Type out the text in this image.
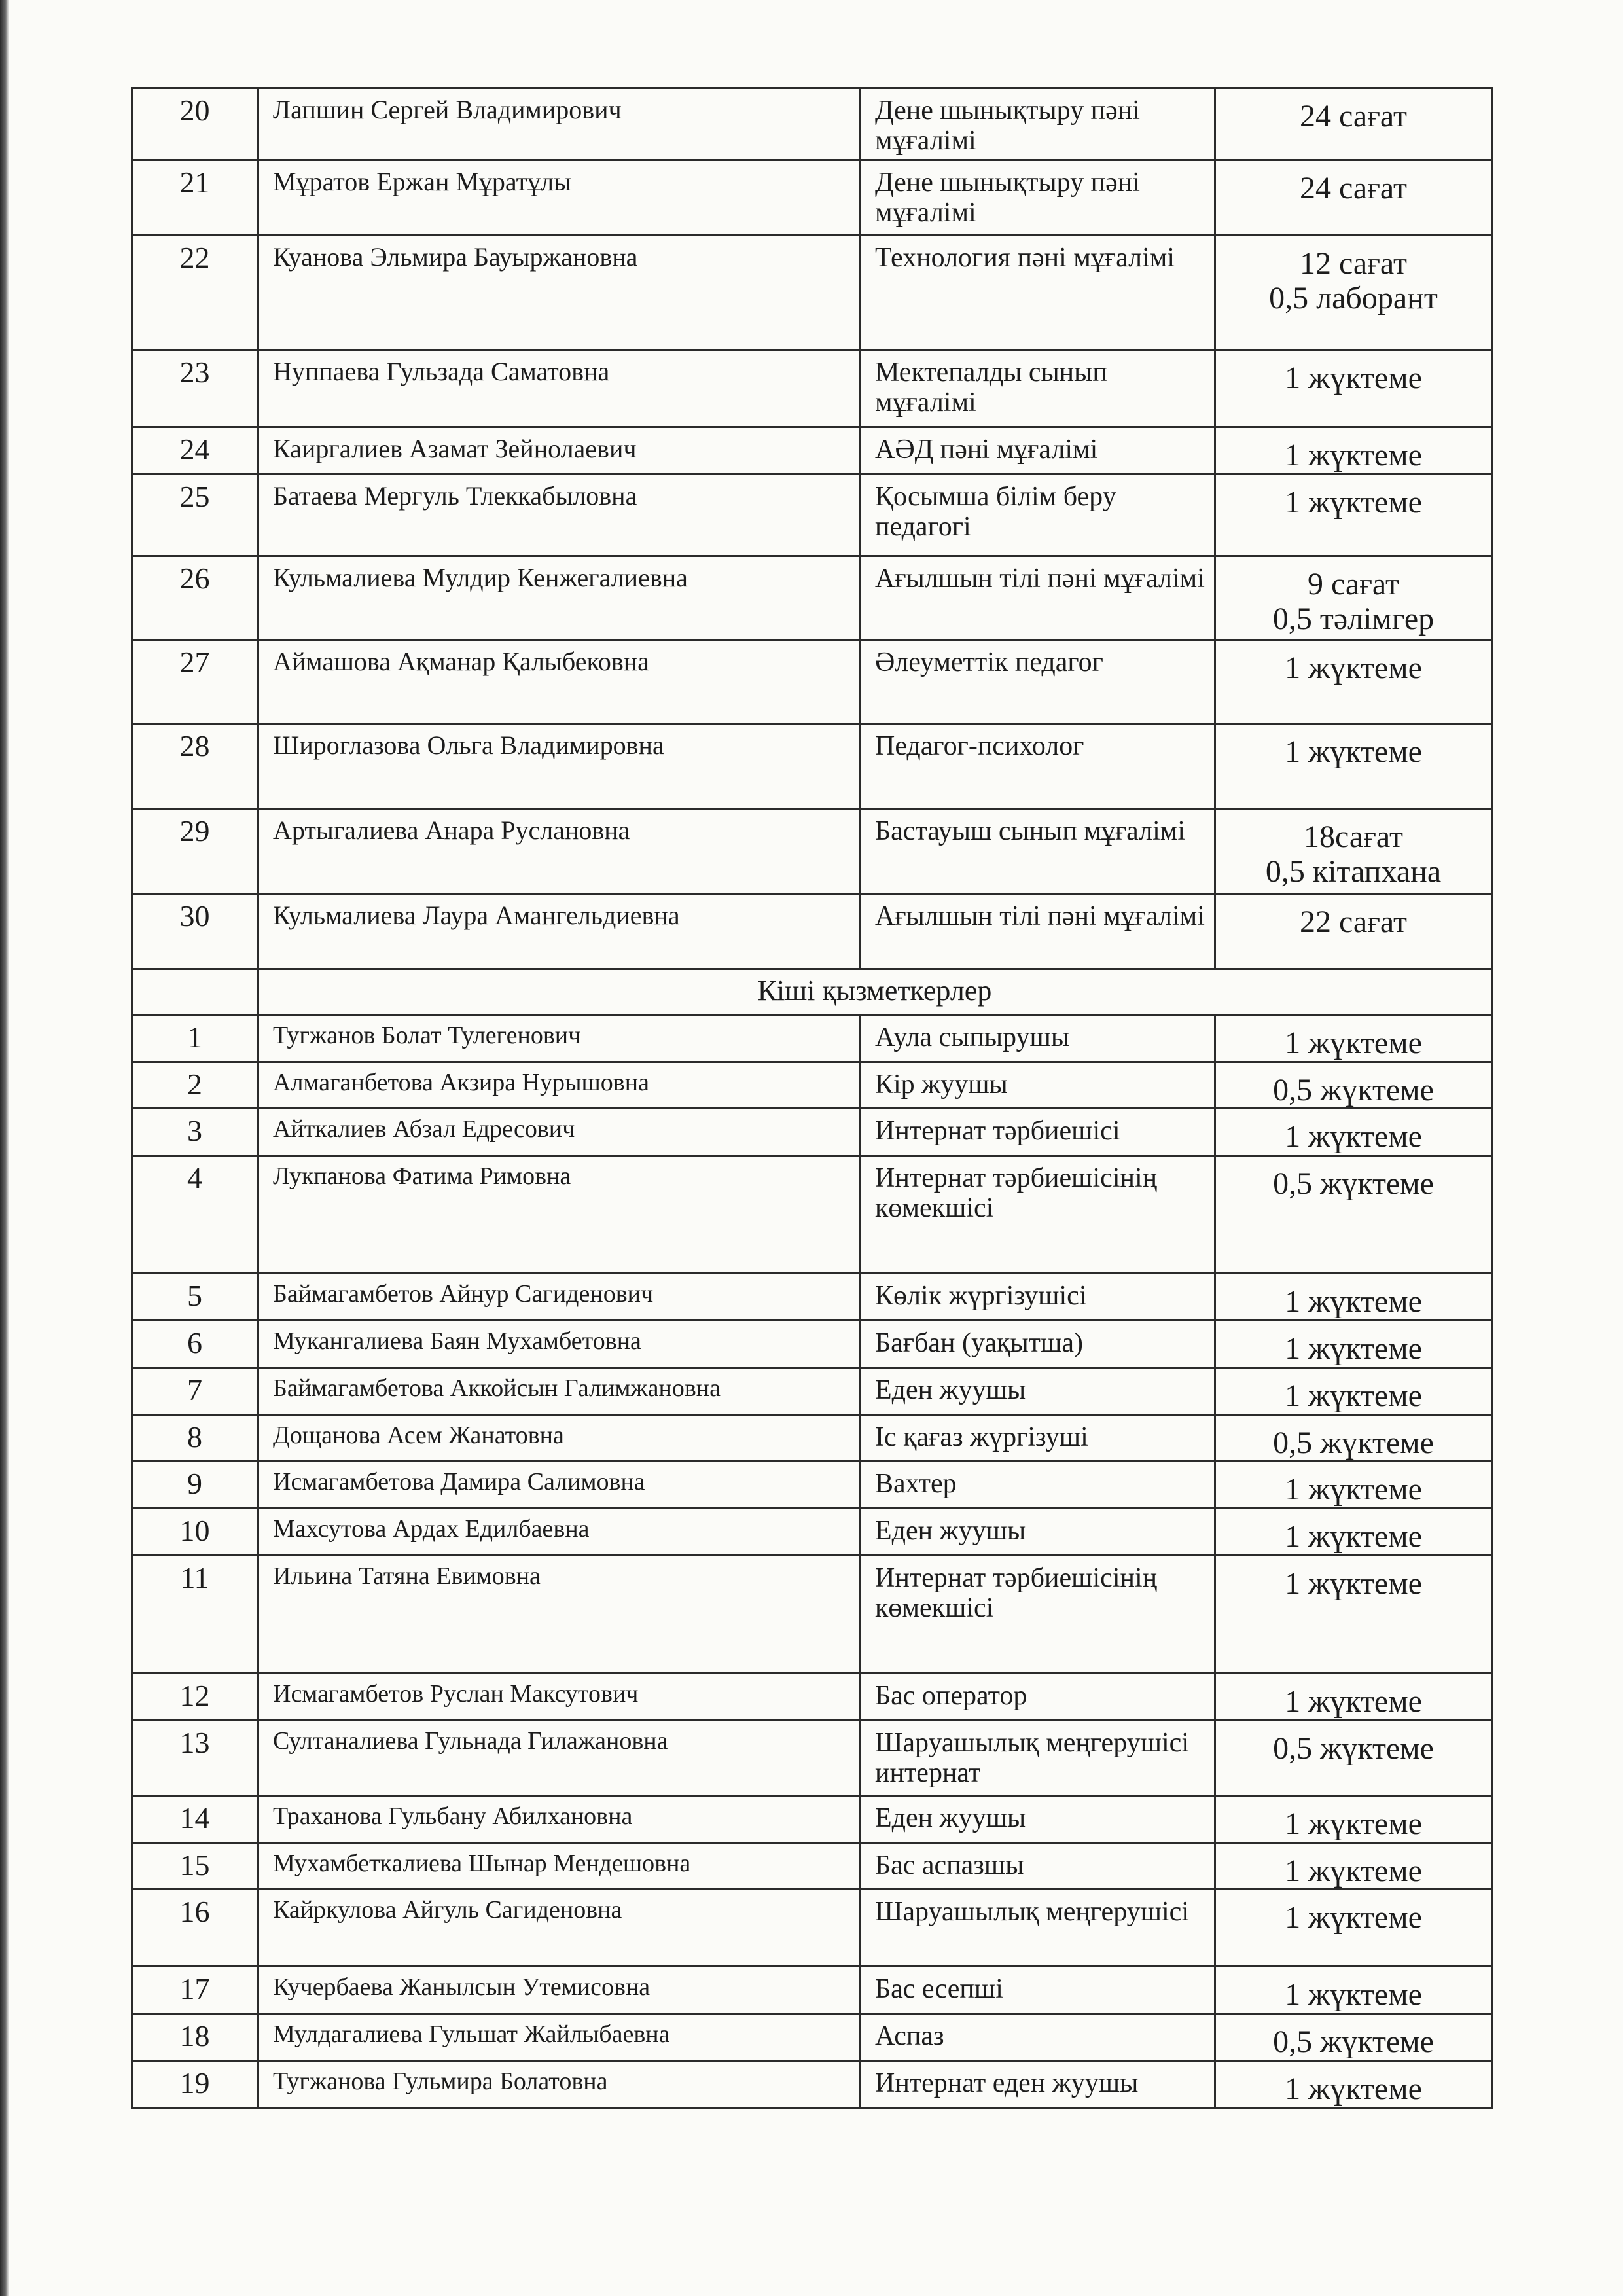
20	Лапшин Сергей Владимирович	Дене шынықтыру пәні мұғалімі	24 сағат

21	Мұратов Ержан Мұратұлы	Дене шынықтыру пәні мұғалімі	24 сағат

22	Куанова Эльмира Бауыржановна	Технология пәні мұғалімі	12 сағат
0,5 лаборант

23	Нуппаева Гульзада Саматовна	Мектепалды сынып мұғалімі	1 жүктеме

24	Каиргалиев Азамат Зейнолаевич	АӘД пәні мұғалімі	1 жүктеме

25	Батаева Мергуль Тлеккабыловна	Қосымша білім беру педагогі	1 жүктеме

26	Кульмалиева Мулдир Кенжегалиевна	Ағылшын тілі пәні мұғалімі	9 сағат
0,5 тәлімгер

27	Аймашова Ақманар Қалыбековна	Әлеуметтік педагог	1 жүктеме

28	Широглазова Ольга Владимировна	Педагог-психолог	1 жүктеме

29	Артыгалиева Анара Руслановна	Бастауыш сынып мұғалімі	18сағат
0,5 кітапхана

30	Кульмалиева Лаура Амангельдиевна	Ағылшын тілі пәні мұғалімі	22 сағат

	Кіші қызметкерлер		
1	Тугжанов Болат Тулегенович	Аула сыпырушы	1 жүктеме

2	Алмаганбетова Акзира Нурышовна	Кір жуушы	0,5 жүктеме

3	Айткалиев Абзал Едресович	Интернат тәрбиешісі	1 жүктеме

4	Лукпанова Фатима Римовна	Интернат тәрбиешісінің көмекшісі	0,5 жүктеме

5	Баймагамбетов Айнур Сагиденович	Көлік жүргізушісі	1 жүктеме

6	Мукангалиева Баян Мухамбетовна	Бағбан (уақытша)	1 жүктеме

7	Баймагамбетова Аккойсын Галимжановна	Еден жуушы	1 жүктеме

8	Дощанова Асем Жанатовна	Іс қағаз жүргізуші	0,5 жүктеме

9	Исмагамбетова Дамира Салимовна	Вахтер	1 жүктеме

10	Махсутова Ардах Едилбаевна	Еден жуушы	1 жүктеме

11	Ильина Татяна Евимовна	Интернат тәрбиешісінің көмекшісі	1 жүктеме

12	Исмагамбетов Руслан Максутович	Бас оператор	1 жүктеме

13	Султаналиева Гульнада Гилажановна	Шаруашылық меңгерушісі интернат	0,5 жүктеме

14	Траханова Гульбану Абилхановна	Еден жуушы	1 жүктеме

15	Мухамбеткалиева Шынар Мендешовна	Бас аспазшы	1 жүктеме

16	Кайркулова Айгуль Сагиденовна	Шаруашылық меңгерушісі	1 жүктеме

17	Кучербаева Жанылсын Утемисовна	Бас есепші	1 жүктеме

18	Мулдагалиева Гульшат Жайлыбаевна	Аспаз	0,5 жүктеме

19	Тугжанова Гульмира Болатовна	Интернат еден жуушы	1 жүктеме
